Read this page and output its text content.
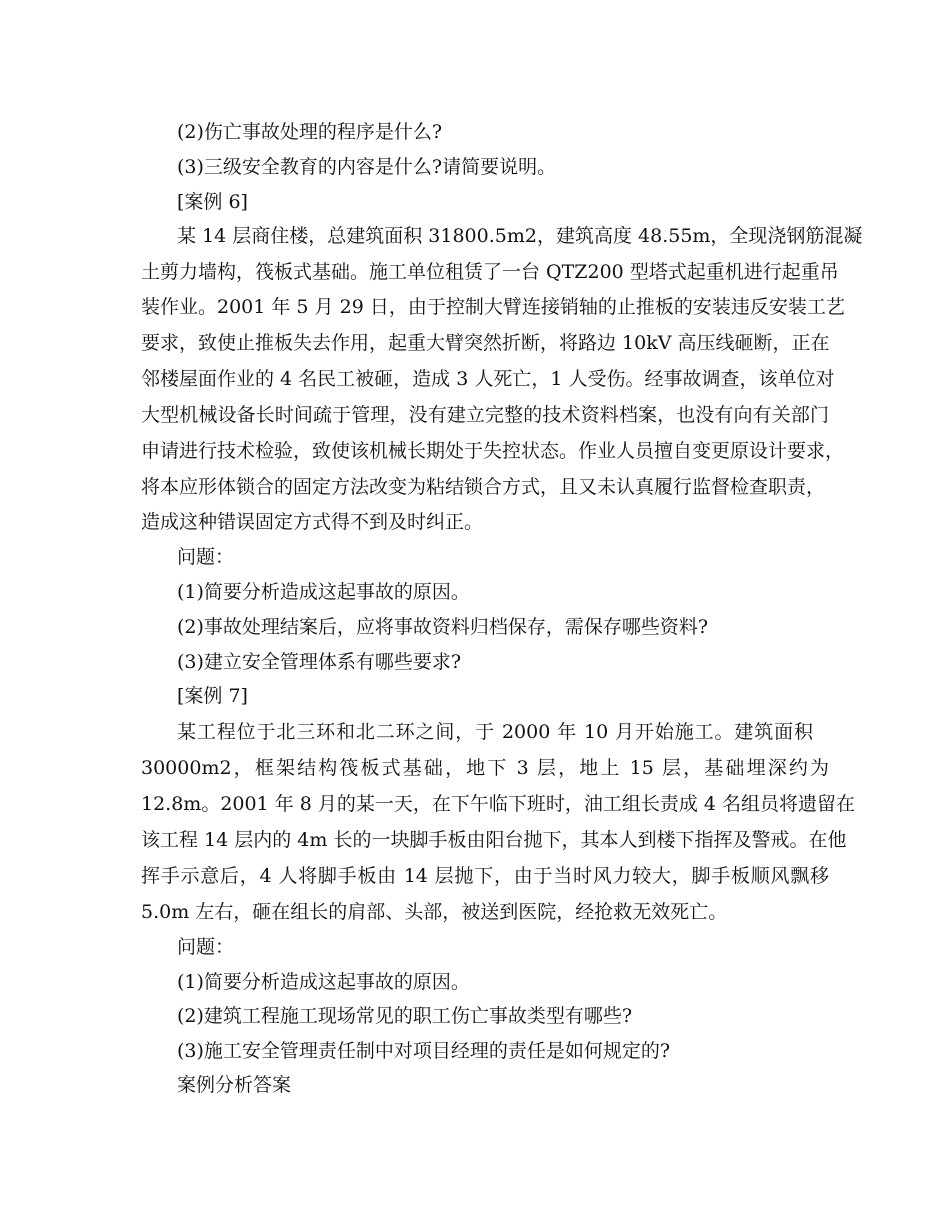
(2)伤亡事故处理的程序是什么?
(3)三级安全教育的内容是什么?请简要说明。
[案例 6]
某 14 层商住楼，总建筑面积 31800.5m2，建筑高度 48.55m，全现浇钢筋混凝
土剪力墙构，筏板式基础。施工单位租赁了一台 QTZ200 型塔式起重机进行起重吊
装作业。2001 年 5 月 29 日，由于控制大臂连接销轴的止推板的安装违反安装工艺
要求，致使止推板失去作用，起重大臂突然折断，将路边 10kV 高压线砸断，正在
邻楼屋面作业的 4 名民工被砸，造成 3 人死亡，1 人受伤。经事故调查，该单位对
大型机械设备长时间疏于管理，没有建立完整的技术资料档案，也没有向有关部门
申请进行技术检验，致使该机械长期处于失控状态。作业人员擅自变更原设计要求，
将本应形体锁合的固定方法改变为粘结锁合方式，且又未认真履行监督检查职责，
造成这种错误固定方式得不到及时纠正。
问题：
(1)简要分析造成这起事故的原因。
(2)事故处理结案后，应将事故资料归档保存，需保存哪些资料?
(3)建立安全管理体系有哪些要求?
[案例 7]
某工程位于北三环和北二环之间，于 2000 年 10 月开始施工。建筑面积
30000m2，框架结构筏板式基础，地下 3 层，地上 15 层，基础埋深约为
12.8m。2001 年 8 月的某一天，在下午临下班时，油工组长责成 4 名组员将遗留在
该工程 14 层内的 4m 长的一块脚手板由阳台抛下，其本人到楼下指挥及警戒。在他
挥手示意后，4 人将脚手板由 14 层抛下，由于当时风力较大，脚手板顺风飘移
5.0m 左右，砸在组长的肩部、头部，被送到医院，经抢救无效死亡。
问题：
(1)简要分析造成这起事故的原因。
(2)建筑工程施工现场常见的职工伤亡事故类型有哪些?
(3)施工安全管理责任制中对项目经理的责任是如何规定的?
案例分析答案
